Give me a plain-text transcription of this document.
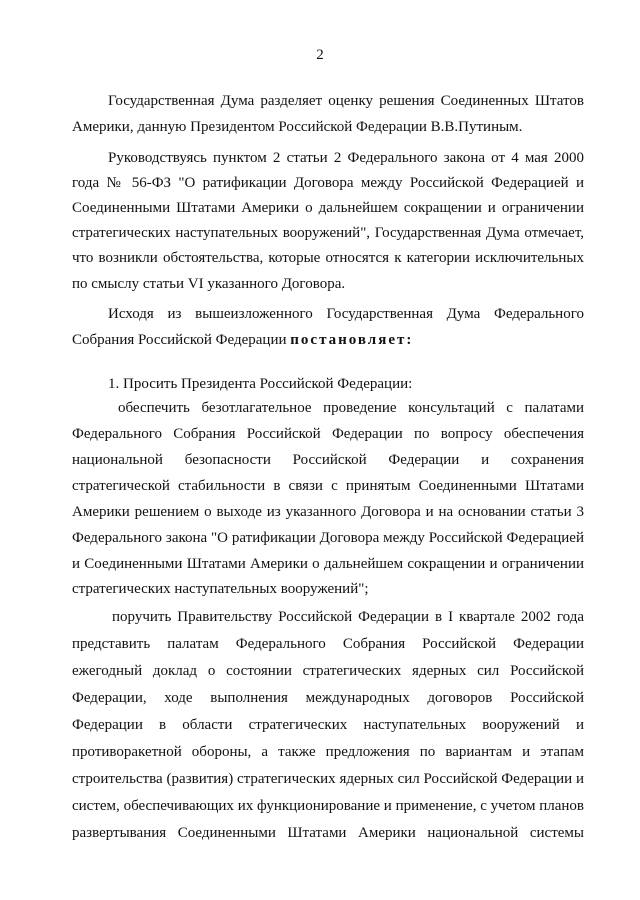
2
Государственная Дума разделяет оценку решения Соединенных Штатов
Америки, данную Президентом Российской Федерации В.В.Путиным.
Руководствуясь пунктом 2 статьи 2 Федерального закона от 4 мая 2000
года № 56-ФЗ "О ратификации Договора между Российской Федерацией и
Соединенными Штатами Америки о дальнейшем сокращении и ограничении
стратегических наступательных вооружений", Государственная Дума отмечает,
что возникли обстоятельства, которые относятся к категории исключительных
по смыслу статьи VI указанного Договора.
Исходя из вышеизложенного Государственная Дума Федерального
Собрания Российской Федерации постановляет:
1. Просить Президента Российской Федерации:
обеспечить безотлагательное проведение консультаций с палатами
Федерального Собрания Российской Федерации по вопросу обеспечения
национальной безопасности Российской Федерации и сохранения
стратегической стабильности в связи с принятым Соединенными Штатами
Америки решением о выходе из указанного Договора и на основании статьи 3
Федерального закона "О ратификации Договора между Российской Федерацией
и Соединенными Штатами Америки о дальнейшем сокращении и ограничении
стратегических наступательных вооружений";
поручить Правительству Российской Федерации в I квартале 2002 года
представить палатам Федерального Собрания Российской Федерации
ежегодный доклад о состоянии стратегических ядерных сил Российской
Федерации, ходе выполнения международных договоров Российской
Федерации в области стратегических наступательных вооружений и
противоракетной обороны, а также предложения по вариантам и этапам
строительства (развития) стратегических ядерных сил Российской Федерации и
систем, обеспечивающих их функционирование и применение, с учетом планов
развертывания Соединенными Штатами Америки национальной системы
